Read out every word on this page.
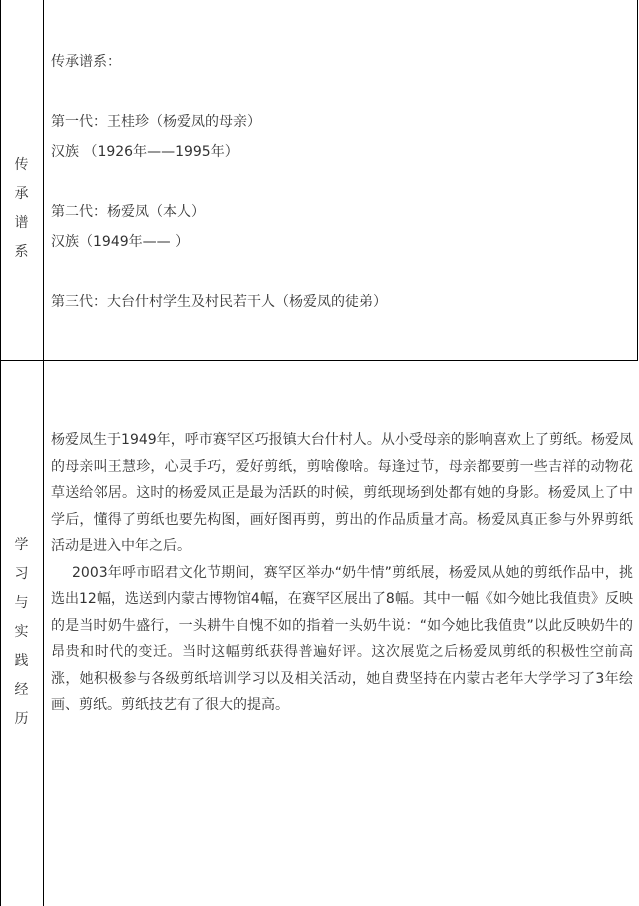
传
承
谱
系
传承谱系：
第一代：王桂珍（杨爱凤的母亲）
汉族 （1926年——1995年）
第二代：杨爱凤（本人）
汉族（1949年—— ）
第三代：大台什村学生及村民若干人（杨爱凤的徒弟）
学
习
与
实
践
经
历

杨爱凤生于1949年，呼市赛罕区巧报镇大台什村人。从小受母亲的影响喜欢上了剪纸。杨爱凤的母亲叫王慧珍，心灵手巧，爱好剪纸，剪啥像啥。每逢过节，母亲都要剪一些吉祥的动物花草送给邻居。这时的杨爱凤正是最为活跃的时候，剪纸现场到处都有她的身影。杨爱凤上了中学后，懂得了剪纸也要先构图，画好图再剪，剪出的作品质量才高。杨爱凤真正参与外界剪纸活动是进入中年之后。

2003年呼市昭君文化节期间，赛罕区举办“奶牛情”剪纸展，杨爱凤从她的剪纸作品中，挑选出12幅，选送到内蒙古博物馆4幅，在赛罕区展出了8幅。其中一幅《如今她比我值贵》反映的是当时奶牛盛行，一头耕牛自愧不如的指着一头奶牛说：“如今她比我值贵”以此反映奶牛的昂贵和时代的变迁。当时这幅剪纸获得普遍好评。这次展览之后杨爱凤剪纸的积极性空前高涨，她积极参与各级剪纸培训学习以及相关活动，她自费坚持在内蒙古老年大学学习了3年绘画、剪纸。剪纸技艺有了很大的提高。
